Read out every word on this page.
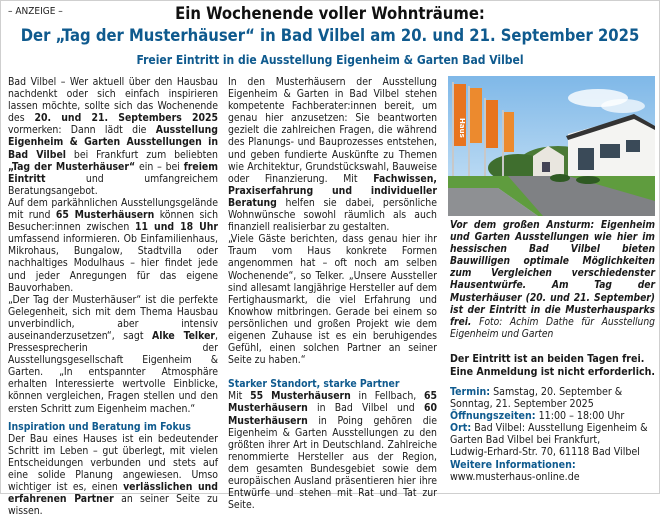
– ANZEIGE –	Ein Wochenende voller Wohnträume:
Der „Tag der Musterhäuser“ in Bad Vilbel am 20. und 21. September 2025
Freier Eintritt in die Ausstellung Eigenheim & Garten Bad Vilbel

Bad Vilbel – Wer aktuell über den Hausbau nachdenkt oder sich einfach inspirieren lassen möchte, sollte sich das Wochenende des 20. und 21. Septembers 2025 vormerken: Dann lädt die Ausstellung Eigenheim & Garten Ausstellungen in Bad Vilbel bei Frankfurt zum beliebten „Tag der Musterhäuser“ ein – bei freiem Eintritt und umfangreichem Beratungsangebot.

Auf dem parkähnlichen Ausstellungsgelände mit rund 65 Musterhäusern können sich Besucher:innen zwischen 11 und 18 Uhr umfassend informieren. Ob Einfamilienhaus, Mikrohaus, Bungalow, Stadtvilla oder nachhaltiges Modulhaus – hier findet jede und jeder Anregungen für das eigene Bauvorhaben.

„Der Tag der Musterhäuser“ ist die perfekte Gelegenheit, sich mit dem Thema Hausbau unverbindlich, aber intensiv auseinanderzusetzen“, sagt Alke Telker, Pressesprecherin der Ausstellungsgesellschaft Eigenheim & Garten. „In entspannter Atmosphäre erhalten Interessierte wertvolle Einblicke, können vergleichen, Fragen stellen und den ersten Schritt zum Eigenheim machen.“

Inspiration und Beratung im Fokus

Der Bau eines Hauses ist ein bedeutender Schritt im Leben – gut überlegt, mit vielen Entscheidungen verbunden und stets auf eine solide Planung angewiesen. Umso wichtiger ist es, einen verlässlichen und erfahrenen Partner an seiner Seite zu wissen.

In den Musterhäusern der Ausstellung Eigenheim & Garten in Bad Vilbel stehen kompetente Fachberater:innen bereit, um genau hier anzusetzen: Sie beantworten gezielt die zahlreichen Fragen, die während des Planungs- und Bauprozesses entstehen, und geben fundierte Auskünfte zu Themen wie Architektur, Grundstückswahl, Bauweise oder Finanzierung. Mit Fachwissen, Praxiserfahrung und individueller Beratung helfen sie dabei, persönliche Wohnwünsche sowohl räumlich als auch finanziell realisierbar zu gestalten.

„Viele Gäste berichten, dass genau hier ihr Traum vom Haus konkrete Formen angenommen hat – oft noch am selben Wochenende“, so Telker. „Unsere Aussteller sind allesamt langjährige Hersteller auf dem Fertighausmarkt, die viel Erfahrung und Knowhow mitbringen. Gerade bei einem so persönlichen und großen Projekt wie dem eigenen Zuhause ist es ein beruhigendes Gefühl, einen solchen Partner an seiner Seite zu haben.“

Starker Standort, starke Partner

Mit 55 Musterhäusern in Fellbach, 65 Musterhäusern in Bad Vilbel und 60 Musterhäusern in Poing gehören die Eigenheim & Garten Ausstellungen zu den größten ihrer Art in Deutschland. Zahlreiche renommierte Hersteller aus der Region, dem gesamten Bundesgebiet sowie dem europäischen Ausland präsentieren hier ihre Entwürfe und stehen mit Rat und Tat zur Seite.

Haus
Vor dem großen Ansturm: Eigenheim und Garten Ausstellungen wie hier im hessischen Bad Vilbel bieten Bauwilligen optimale Möglichkeiten zum Vergleichen verschiedenster Hausentwürfe. Am Tag der Musterhäuser (20. und 21. September) ist der Eintritt in die Musterhausparks frei. Foto: Achim Dathe für Ausstellung Eigenheim und Garten
Der Eintritt ist an beiden Tagen frei.
Eine Anmeldung ist nicht erforderlich.
Termin: Samstag, 20. September &
Sonntag, 21. September 2025
Öffnungszeiten: 11:00 – 18:00 Uhr
Ort: Bad Vilbel: Ausstellung Eigenheim &
Garten Bad Vilbel bei Frankfurt,
Ludwig-Erhard-Str. 70, 61118 Bad Vilbel
Weitere Informationen:
www.musterhaus-online.de
